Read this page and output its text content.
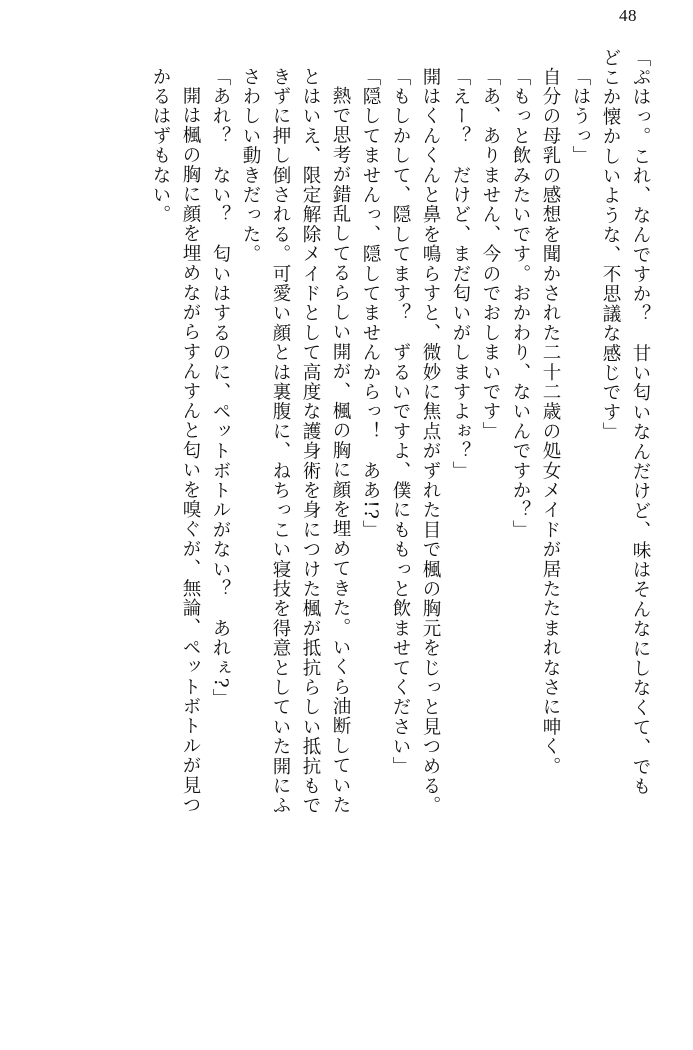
48
「ぷはっ。これ、なんですか？　甘い匂いなんだけど、味はそんなにしなくて、でも
どこか懐かしいような、不思議な感じです」
「はうっ」
自分の母乳の感想を聞かされた二十二歳の処女メイドが居たたまれなさに呻く。
「もっと飲みたいです。おかわり、ないんですか？」
「あ、ありません、今のでおしまいです」
「えー？　だけど、まだ匂いがしますよぉ？」
開はくんくんと鼻を鳴らすと、微妙に焦点がずれた目で楓の胸元をじっと見つめる。
「もしかして、隠してます？　ずるいですよ、僕にももっと飲ませてください」
「隠してませんっ、隠してませんからっ！　ああ!?」
熱で思考が錯乱してるらしい開が、楓の胸に顔を埋めてきた。いくら油断していた
とはいえ、限定解除メイドとして高度な護身術を身につけた楓が抵抗らしい抵抗もで
きずに押し倒される。可愛い顔とは裏腹に、ねちっこい寝技を得意としていた開にふ
さわしい動きだった。
「あれ？　ない？　匂いはするのに、ペットボトルがない？　あれぇ?」
開は楓の胸に顔を埋めながらすんすんと匂いを嗅ぐが、無論、ペットボトルが見つ
かるはずもない。
